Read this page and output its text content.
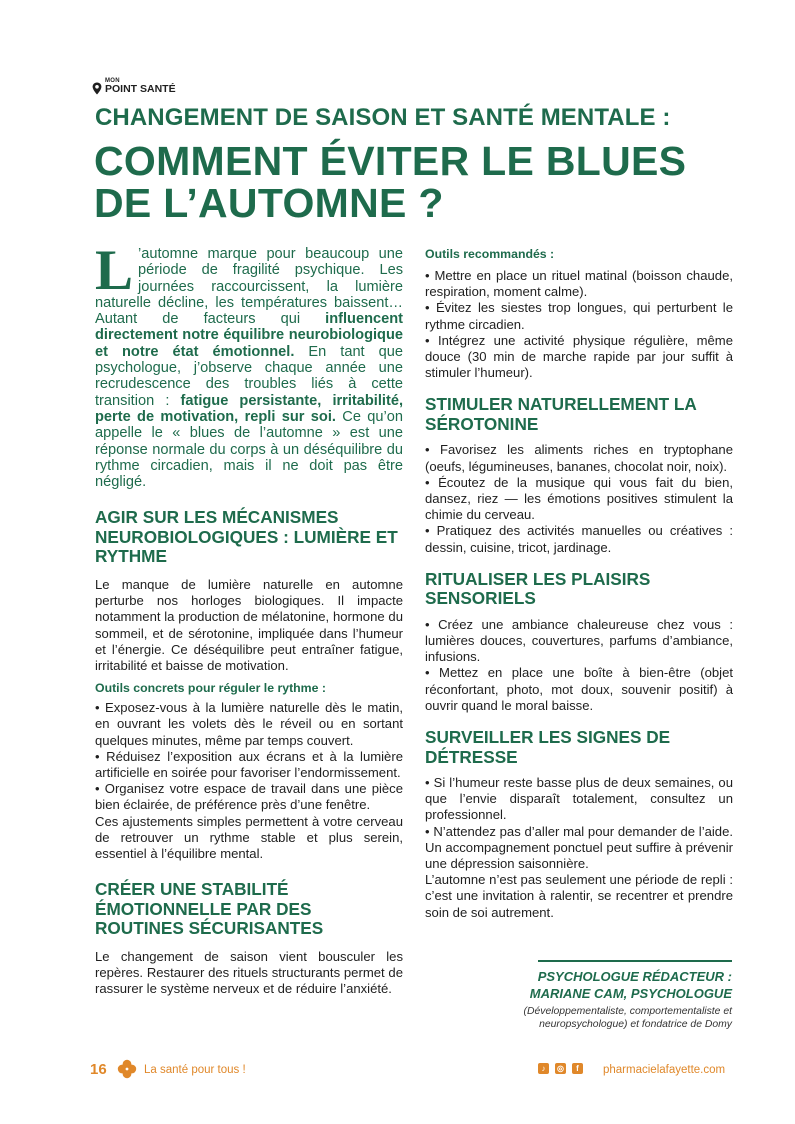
MON
POINT SANTÉ
CHANGEMENT DE SAISON ET SANTÉ MENTALE :
COMMENT ÉVITER LE BLUES
DE L’AUTOMNE ?

L ’automne marque pour beaucoup une période de fragilité psychique. Les journées raccourcissent, la lumière naturelle décline, les températures baissent… Autant de facteurs qui influencent directement notre équilibre neurobiologique et notre état émotionnel. En tant que psychologue, j’observe chaque année une recrudescence des troubles liés à cette transition : fatigue persistante, irritabilité, perte de motivation, repli sur soi. Ce qu’on appelle le « blues de l’automne » est une réponse normale du corps à un déséquilibre du rythme circadien, mais il ne doit pas être négligé.

AGIR SUR LES MÉCANISMES NEUROBIOLOGIQUES : LUMIÈRE ET RYTHME

Le manque de lumière naturelle en automne perturbe nos horloges biologiques. Il impacte notamment la production de mélatonine, hormone du sommeil, et de sérotonine, impliquée dans l’humeur et l’énergie. Ce déséquilibre peut entraîner fatigue, irritabilité et baisse de motivation.

Outils concrets pour réguler le rythme :

• Exposez-vous à la lumière naturelle dès le matin, en ouvrant les volets dès le réveil ou en sortant quelques minutes, même par temps couvert.
• Réduisez l’exposition aux écrans et à la lumière artificielle en soirée pour favoriser l’endormissement.
• Organisez votre espace de travail dans une pièce bien éclairée, de préférence près d’une fenêtre.

Ces ajustements simples permettent à votre cerveau de retrouver un rythme stable et plus serein, essentiel à l’équilibre mental.

CRÉER UNE STABILITÉ ÉMOTIONNELLE PAR DES ROUTINES SÉCURISANTES

Le changement de saison vient bousculer les repères. Restaurer des rituels structurants permet de rassurer le système nerveux et de réduire l’anxiété.

Outils recommandés :

• Mettre en place un rituel matinal (boisson chaude, respiration, moment calme).
• Évitez les siestes trop longues, qui perturbent le rythme circadien.
• Intégrez une activité physique régulière, même douce (30 min de marche rapide par jour suffit à stimuler l’humeur).
STIMULER NATURELLEMENT LA SÉROTONINE
• Favorisez les aliments riches en tryptophane (oeufs, légumineuses, bananes, chocolat noir, noix).
• Écoutez de la musique qui vous fait du bien, dansez, riez — les émotions positives stimulent la chimie du cerveau.
• Pratiquez des activités manuelles ou créatives : dessin, cuisine, tricot, jardinage.
RITUALISER LES PLAISIRS SENSORIELS
• Créez une ambiance chaleureuse chez vous : lumières douces, couvertures, parfums d’ambiance, infusions.
• Mettez en place une boîte à bien-être (objet réconfortant, photo, mot doux, souvenir positif) à ouvrir quand le moral baisse.
SURVEILLER LES SIGNES DE DÉTRESSE
• Si l’humeur reste basse plus de deux semaines, ou que l’envie disparaît totalement, consultez un professionnel.
• N’attendez pas d’aller mal pour demander de l’aide. Un accompagnement ponctuel peut suffire à prévenir une dépression saisonnière.

L’automne n’est pas seulement une période de repli : c’est une invitation à ralentir, se recentrer et prendre soin de soi autrement.

PSYCHOLOGUE RÉDACTEUR :
MARIANE CAM, PSYCHOLOGUE
(Développementaliste, comportementaliste et neuropsychologue) et fondatrice de Domy
16	La santé pour tous !	♪	◎	f	pharmacielafayette.com
